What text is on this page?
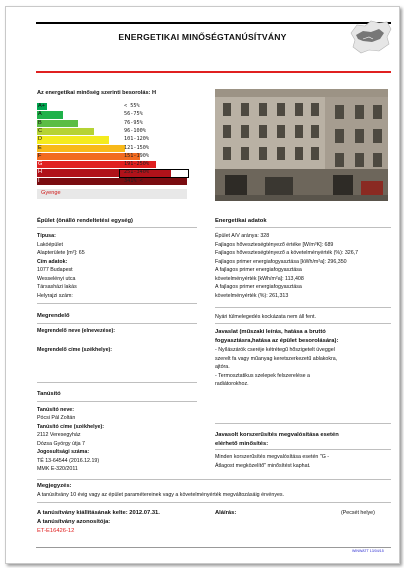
ENERGETIKAI MINŐSÉGTANÚSÍTVÁNY
Az energetikai minőség szerinti besorolás: H
A+	< 55%
A	56-75%
B	76-95%
C	96-100%
D	101-120%
E	121-150%
F	151-190%
G	191-250%
H	251-340%
I	341% <
Gyenge
Épület (önálló rendeltetési egység)
Típusa:
Lakóépület
Alapterülete [m²]: 65
Cím adatok:
1077 Budapest
Wesselényi utca
Társasházi lakás
Helyrajzi szám:
Megrendelő
Megrendelő neve (elnevezése):
Megrendelő címe (székhelye):
Tanúsító
Tanúsító neve:
Pócsi Pál Zoltán
Tanúsító címe (székhelye):
2112 Veresegyház
Dózsa György útja 7
Jogosultsági száma:
TÉ 13-64544 (2016.12.19)
MMK E-320/2011
Energetikai adatok
Épület A/V aránya: 328
Fajlagos hőveszteségtényező értéke [W/m³K]: 689
Fajlagos hőveszteségtényező a követelményérték (%): 326,7
Fajlagos primer energiafogyasztása [kWh/m²a]: 296,350
A fajlagos primer energiafogyasztása
követelményérték [kWh/m²a]: 113,408
A fajlagos primer energiafogyasztása
követelményérték (%): 261,313
Nyári túlmelegedés kockázata nem áll fent.
Javaslat (műszaki leírás, hatása a bruttó
fogyasztásra,hatása az épület besorolására):
- Nyílászárók cseréje kétrétegű hőszigetelt üveggel
szerelt fa vagy műanyag keretszerkezetű ablakokra,
ajtóra.
- Termosztatikus szelepek felszerelése a
radiátorokhoz.
Javasolt korszerűsítés megvalósítása esetén
elérhető minősítés:
Minden korszerűsítés megvalósítása esetén "G -
Átlagost megközelítő" minősítést kaphat.
Megjegyzés:
A tanúsítvány 10 évig vagy az épület paramétereinek vagy a követelményérték megváltozásáig érvényes.
A tanúsítvány kiállításának kelte: 2012.07.31.
A tanúsítvány azonosítója:
ET-E16426-12
Aláírás:	(Pecsét helye)
WINWATT 13/04/15
